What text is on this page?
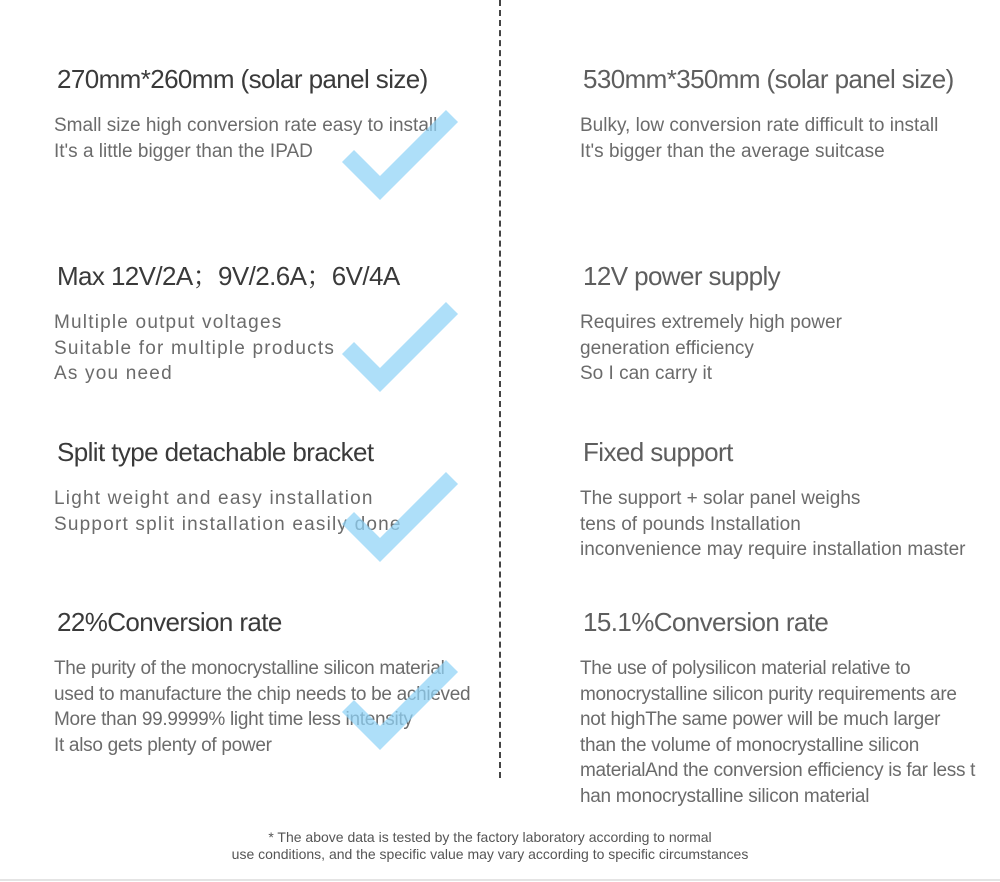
270mm*260mm (solar panel size)
Small size high conversion rate easy to install
It's a little bigger than the IPAD
530mm*350mm (solar panel size)
Bulky, low conversion rate difficult to install
It's bigger than the average suitcase
Max 12V/2A；9V/2.6A；6V/4A
Multiple output voltages
Suitable for multiple products
As you need
12V power supply
Requires extremely high power
generation efficiency
So I can carry it
Split type detachable bracket
Light weight and easy installation
Support split installation easily done
Fixed support
The support + solar panel weighs
tens of pounds Installation
inconvenience may require installation master
22%Conversion rate
The purity of the monocrystalline silicon material
used to manufacture the chip needs to be achieved
More than 99.9999% light time less intensity
It also gets plenty of power
15.1%Conversion rate
The use of polysilicon material relative to
monocrystalline silicon purity requirements are
not highThe same power will be much larger
than the volume of monocrystalline silicon
materialAnd the conversion efficiency is far less t
han monocrystalline silicon material
* The above data is tested by the factory laboratory according to normal
use conditions, and the specific value may vary according to specific circumstances
